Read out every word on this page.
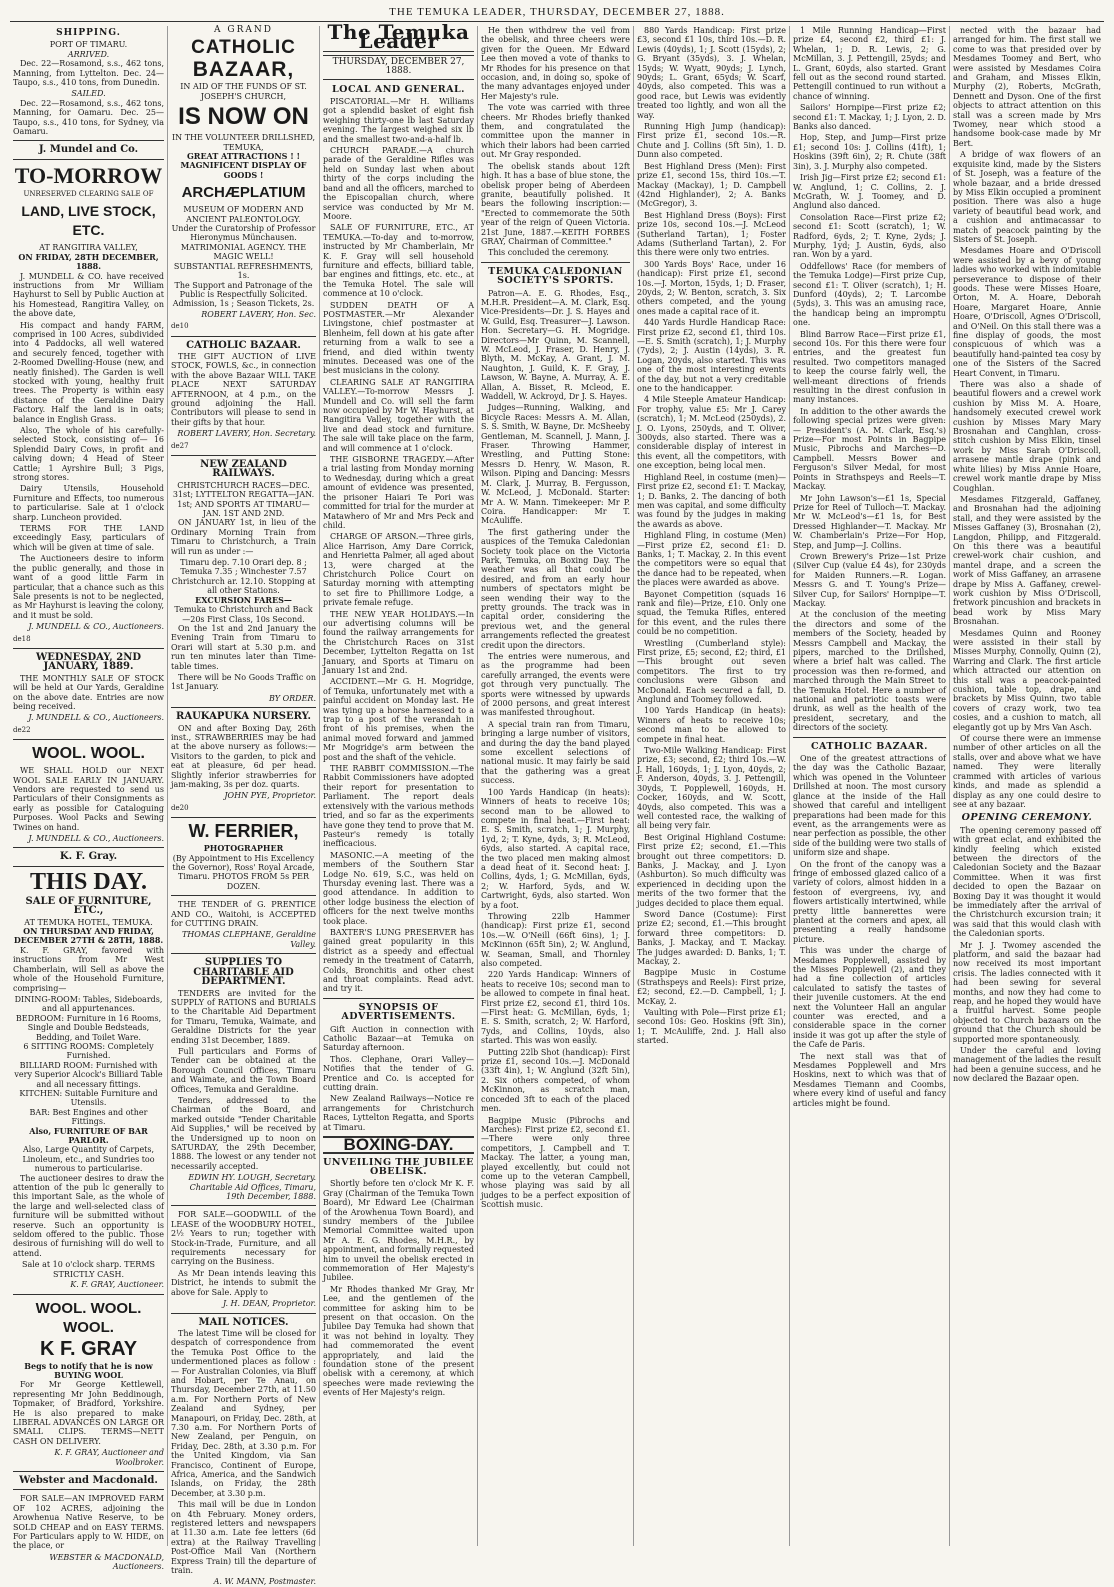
THE TEMUKA LEADER, THURSDAY, DECEMBER 27, 1888.
SHIPPING.
PORT OF TIMARU.
ARRIVED.

Dec. 22—Rosamond, s.s., 462 tons, Manning, from Lyttelton. Dec. 24—Taupo, s.s., 410 tons, from Dunedin.

SAILED.

Dec. 22—Rosamond, s.s., 462 tons, Manning, for Oamaru. Dec. 25—Taupo, s.s., 410 tons, for Sydney, via Oamaru.

J. Mundel and Co.
TO-MORROW
UNRESERVED CLEARING SALE OF
LAND, LIVE STOCK, ETC.
AT RANGITIRA VALLEY,
ON FRIDAY, 28TH DECEMBER, 1888.

J. MUNDELL & CO. have received instructions from Mr William Hayhurst to Sell by Public Auction at his Homestead, Rangitira Valley, on the above date,

His compact and handy FARM, comprised in 100 Acres, subdivided into 4 Paddocks, all well watered and securely fenced, together with 2-Roomed Dwelling-House (new, and neatly finished). The Garden is well stocked with young, healthy fruit trees. The Property is within easy distance of the Geraldine Dairy Factory. Half the land is in oats; balance in English Grass.

Also, The whole of his carefully-selected Stock, consisting of— 16 Splendid Dairy Cows, in profit and calving down; 4 Head of Steer Cattle; 1 Ayrshire Bull; 3 Pigs, strong stores.

Dairy Utensils, Household Furniture and Effects, too numerous to particularise. Sale at 1 o'clock sharp. Luncheon provided.

TERMS FOR THE LAND exceedingly Easy, particulars of which will be given at time of sale.

The Auctioneers desire to inform the public generally, and those in want of a good little Farm in particular, that a chance such as this Sale presents is not to be neglected, as Mr Hayhurst is leaving the colony, and it must be sold.

J. MUNDELL & CO., Auctioneers.
de18
WEDNESDAY, 2ND JANUARY, 1889.

THE MONTHLY SALE OF STOCK will be held at Our Yards, Geraldine on the above date. Entries are now being received.

J. MUNDELL & CO., Auctioneers.
de22
WOOL. WOOL.

WE SHALL HOLD our NEXT WOOL SALE EARLY IN JANUARY. Vendors are requested to send us Particulars of their Consignments as early as possible for Cataloguing Purposes. Wool Packs and Sewing Twines on hand.

J. MUNDELL & CO., Auctioneers.
K. F. Gray.
THIS DAY.
SALE OF FURNITURE, ETC.,
AT TEMUKA HOTEL, TEMUKA.
ON THURSDAY AND FRIDAY, DECEMBER 27TH & 28TH, 1888.

K. F. GRAY, favored with instructions from Mr West Chamberlain, will Sell as above the whole of the Household Furniture, comprising—

DINING-ROOM: Tables, Sideboards, and all appurtenances.
BEDROOM: Furniture in 16 Rooms, Single and Double Bedsteads, Bedding, and Toilet Ware.
6 SITTING ROOMS: Completely Furnished.
BILLIARD ROOM: Furnished with very Superior Alcock's Billiard Table and all necessary fittings.
KITCHEN: Suitable Furniture and Utensils.
BAR: Best Engines and other Fittings.
Also, FURNITURE OF BAR PARLOR.
Also, Large Quantity of Carpets, Linoleum, etc., and Sundries too numerous to particularise.

The auctioneer desires to draw the attention of the pub lc generally to this important Sale, as the whole of the large and well-selected class of furniture will be submitted without reserve. Such an opportunity is seldom offered to the public. Those desirous of furnishing will do well to attend.

Sale at 10 o'clock sharp. TERMS STRICTLY CASH.
K. F. GRAY, Auctioneer.
WOOL. WOOL. WOOL.
K F. GRAY
Begs to notify that he is now BUYING WOOL

For Mr George Kettlewell, representing Mr John Beddinough, Topmaker, of Bradford, Yorkshire. He is also prepared to make LIBERAL ADVANCES ON LARGE OR SMALL CLIPS. TERMS—NETT CASH ON DELIVERY.

K. F. GRAY, Auctioneer and Woolbroker.
Webster and Macdonald.

FOR SALE—AN IMPROVED FARM OF 102 ACRES, adjoining the Arowhenua Native Reserve, to be SOLD CHEAP and on EASY TERMS. For Particulars apply to W. HIDE, on the place, or

WEBSTER & MACDONALD, Auctioneers.
A GRAND
CATHOLIC
BAZAAR,
IN AID OF THE FUNDS OF ST. JOSEPH'S CHURCH,
IS NOW ON
IN THE VOLUNTEER DRILLSHED, TEMUKA,
GREAT ATTRACTIONS ! !
MAGNIFICENT DISPLAY OF GOODS !
ARCHÆPLATIUM
MUSEUM OF MODERN AND ANCIENT PALEONTOLOGY.
Under the Curatorship of Professor Hieronymus Münchausen.
MATRIMONIAL AGENCY. THE MAGIC WELL!
SUBSTANTIAL REFRESHMENTS, 1s.
The Support and Patronage of the Public is Respectfully Solicited.
Admission, 1s ; Season Tickets, 2s.
ROBERT LAVERY, Hon. Sec.
de10
CATHOLIC BAZAAR.

THE GIFT AUCTION of LIVE STOCK, FOWLS, &c., in connection with the above Bazaar WILL TAKE PLACE NEXT SATURDAY AFTERNOON, at 4 p.m., on the ground adjoining the Hall. Contributors will please to send in their gifts by that hour.

ROBERT LAVERY, Hon. Secretary.
de27
NEW ZEALAND RAILWAYS.
CHRISTCHURCH RACES—DEC. 31st; LYTTELTON REGATTA—JAN. 1st; AND SPORTS AT TIMARU—JAN. 1ST AND 2ND.

ON JANUARY 1st, in lieu of the Ordinary Morning Train from Timaru to Christchurch, a Train will run as under :—

Timaru dep. 7.10 Orari dep. 8 ; Temuka 7.35 ; Winchester 7.57 Christchurch ar. 12.10. Stopping at all other Stations.
EXCURSION FARES—
Temuka to Christchurch and Back—20s First Class, 10s Second.

On the 1st and 2nd January the Evening Train from Timaru to Orari will start at 5.30 p.m. and run ten minutes later than Time-table times.

There will be No Goods Traffic on 1st January.

BY ORDER.
RAUKAPUKA NURSERY.

ON and after Boxing Day, 26th inst., STRAWBERRIES may be had at the above nursery as follows:—Visitors to the garden, to pick and eat at pleasure, 6d per head. Slightly inferior strawberries for jam-making, 3s per doz. quarts.

JOHN PYE, Proprietor.
de20
W. FERRIER,
PHOTOGRAPHER
(By Appointment to His Excellency the Governor), Ross' Royal Arcade, Timaru. PHOTOS FROM 5s PER DOZEN.

THE TENDER of G. PRENTICE AND CO., Waitohi, is ACCEPTED for CUTTING DRAIN.

THOMAS CLEPHANE, Geraldine Valley.
SUPPLIES TO CHARITABLE AID DEPARTMENT.

TENDERS are invited for the SUPPLY of RATIONS and BURIALS to the Charitable Aid Department for Timaru, Temuka, Waimate, and Geraldine Districts for the year ending 31st December, 1889.

Full particulars and Forms of Tender can be obtained at the Borough Council Offices, Timaru and Waimate, and the Town Board Offices, Temuka and Geraldine.

Tenders, addressed to the Chairman of the Board, and marked outside "Tender Charitable Aid Supplies," will be received by the Undersigned up to noon on SATURDAY, the 29th December, 1888. The lowest or any tender not necessarily accepted.

EDWIN HY. LOUGH, Secretary. Charitable Aid Offices, Timaru, 19th December, 1888.

FOR SALE—GOODWILL of the LEASE of the WOODBURY HOTEL, 2½ Years to run; together with Stock-in-Trade, Furniture, and all requirements necessary for carrying on the Business.

As Mr Dean intends leaving this District, he intends to submit the above for Sale. Apply to

J. H. DEAN, Proprietor.
MAIL NOTICES.

The latest Time will be closed for despatch of correspondence from the Temuka Post Office to the undermentioned places as follow :— For Australian Colonies, via Bluff and Hobart, per Te Anau, on Thursday, December 27th, at 11.50 a.m. For Northern Ports of New Zealand and Sydney, per Manapouri, on Friday, Dec. 28th, at 7.30 a.m. For Northern Ports of New Zealand, per Penguin, on Friday, Dec. 28th, at 3.30 p.m. For the United Kingdom, via San Francisco, Continent of Europe, Africa, America, and the Sandwich Islands, on Friday, the 28th December, at 3.30 p.m.

This mail will be due in London on 4th February. Money orders, registered letters and newspapers at 11.30 a.m. Late fee letters (6d extra) at the Railway Travelling Post-Office Mail Van (Northern Express Train) till the departure of train.

A. W. MANN, Postmaster.
The Temuka Leader
THURSDAY, DECEMBER 27, 1888.
LOCAL AND GENERAL.

PISCATORIAL.—Mr H. Williams got a splendid basket of eight fish weighing thirty-one lb last Saturday evening. The largest weighed six lb and the smallest two-and-a-half lb.

CHURCH PARADE.—A church parade of the Geraldine Rifles was held on Sunday last when about thirty of the corps including the band and all the officers, marched to the Episcopalian church, where service was conducted by Mr M. Moore.

SALE OF FURNITURE, ETC., AT TEMUKA.—To-day and to-morrow, instructed by Mr Chamberlain, Mr K. F. Gray will sell household furniture and effects, billiard table, bar engines and fittings, etc. etc., at the Temuka Hotel. The sale will commence at 10 o'clock.

SUDDEN DEATH OF A POSTMASTER.—Mr Alexander Livingstone, chief postmaster at Blenheim, fell down at his gate after returning from a walk to see a friend, and died within twenty minutes. Deceased was one of the best musicians in the colony.

CLEARING SALE AT RANGITIRA VALLEY.—To-morrow Messrs J. Mundell and Co. will sell the farm now occupied by Mr W. Hayhurst, at Rangitira Valley, together with the live and dead stock and furniture. The sale will take place on the farm, and will commence at 1 o'clock.

THE GISBORNE TRAGEDY.—After a trial lasting from Monday morning to Wednesday, during which a great amount of evidence was presented, the prisoner Haiari Te Pori was committed for trial for the murder at Matawhero of Mr and Mrs Peck and child.

CHARGE OF ARSON.—Three girls, Alice Harrison, Amy Dare Corrick, and Henrietta Palmer, all aged about 13, were charged at the Christchurch Police Court on Saturday morning with attempting to set fire to Phillimore Lodge, a private female refuge.

THE NEW YEAR HOLIDAYS.—In our advertising columns will be found the railway arrangements for the Christchurch Races on 31st December, Lyttelton Regatta on 1st January, and Sports at Timaru on January 1st and 2nd.

ACCIDENT.—Mr G. H. Mogridge, of Temuka, unfortunately met with a painful accident on Monday last. He was tying up a horse harnessed to a trap to a post of the verandah in front of his premises, when the animal moved forward and jammed Mr Mogridge's arm between the post and the shaft of the vehicle.

THE RABBIT COMMISSION.—The Rabbit Commissioners have adopted their report for presentation to Parliament. The report deals extensively with the various methods tried, and so far as the experiments have gone they tend to prove that M. Pasteur's remedy is totally inefficacious.

MASONIC.—A meeting of the members of the Southern Star Lodge No. 619, S.C., was held on Thursday evening last. There was a good attendance. In addition to other lodge business the election of officers for the next twelve months took place.

BAXTER'S LUNG PRESERVER has gained great popularity in this district as a speedy and effectual remedy in the treatment of Catarrh, Colds, Bronchitis and other chest and throat complaints. Read advt. and try it.

SYNOPSIS OF ADVERTISEMENTS.

Gift Auction in connection with Catholic Bazaar—at Temuka on Saturday afternoon.

Thos. Clephane, Orari Valley—Notifies that the tender of G. Prentice and Co. is accepted for cutting drain.

New Zealand Railways—Notice re arrangements for Christchurch Races, Lyttelton Regatta, and Sports at Timaru.

BOXING-DAY.
UNVEILING THE JUBILEE OBELISK.

Shortly before ten o'clock Mr K. F. Gray (Chairman of the Temuka Town Board), Mr Edward Lee (Chairman of the Arowhenua Town Board), and sundry members of the Jubilee Memorial Committee waited upon Mr A. E. G. Rhodes, M.H.R., by appointment, and formally requested him to unveil the obelisk erected in commemoration of Her Majesty's Jubilee.

Mr Rhodes thanked Mr Gray, Mr Lee, and the gentlemen of the committee for asking him to be present on that occasion. On the Jubilee Day Temuka had shown that it was not behind in loyalty. They had commemorated the event appropriately, and laid the foundation stone of the present obelisk with a ceremony, at which speeches were made reviewing the events of Her Majesty's reign.

He then withdrew the veil from the obelisk, and three cheers were given for the Queen. Mr Edward Lee then moved a vote of thanks to Mr Rhodes for his presence on that occasion, and, in doing so, spoke of the many advantages enjoyed under Her Majesty's rule.

The vote was carried with three cheers. Mr Rhodes briefly thanked them, and congratulated the committee upon the manner in which their labors had been carried out. Mr Gray responded.

The obelisk stands about 12ft high. It has a base of blue stone, the obelisk proper being of Aberdeen granite, beautifully polished. It bears the following inscription:— "Erected to commemorate the 50th year of the reign of Queen Victoria. 21st June, 1887.—KEITH FORBES GRAY, Chairman of Committee."

This concluded the ceremony.

TEMUKA CALEDONIAN SOCIETY'S SPORTS.

Patron—A. E. G. Rhodes, Esq., M.H.R. President—A. M. Clark, Esq. Vice-Presidents—Dr. J. S. Hayes and W. Guild, Esq. Treasurer—J. Lawson. Hon. Secretary—G. H. Mogridge. Directors—Mr Quinn, M. Scannell, W. McLeod, J. Fraser, D. Henry, J. Blyth, M. McKay, A. Grant, J. M. Naughton, J. Guild, K. F. Gray, J. Lawson, W. Bayne, A. Murray, A. E. Allan, A. Bisset, R. Mcleod, E. Waddell, W. Ackroyd, Dr J. S. Hayes.

Judges—Running, Walking, and Bicycle Races: Messrs A. M. Allan, S. S. Smith, W. Bayne, Dr. McSheeby Gentleman, M. Scannell, J. Mann, J. Fraser. Throwing Hammer, Wrestling, and Putting Stone: Messrs D. Henry, W. Mason, R. Wilson. Piping and Dancing: Messrs M. Clark, J. Murray, B. Fergusson, W. McLeod, J. McDonald. Starter: Mr A. W. Mann. Timekeeper: Mr P. Coira. Handicapper: Mr T. McAuliffe.

The first gathering under the auspices of the Temuka Caledonian Society took place on the Victoria Park, Temuka, on Boxing Day. The weather was all that could be desired, and from an early hour numbers of spectators might be seen wending their way to the pretty grounds. The track was in capital order, considering the previous wet, and the general arrangements reflected the greatest credit upon the directors.

The entries were numerous, and as the programme had been carefully arranged, the events were got through very punctually. The sports were witnessed by upwards of 2000 persons, and great interest was manifested throughout.

A special train ran from Timaru, bringing a large number of visitors, and during the day the band played some excellent selections of national music. It may fairly be said that the gathering was a great success.

100 Yards Handicap (in heats): Winners of heats to receive 10s; second man to be allowed to compete in final heat.—First heat: E. S. Smith, scratch, 1; J. Murphy, 1yd, 2; T. Kyne, 4yds, 3; R. McLeod, 6yds, also started. A capital race, the two placed men making almost a dead heat of it. Second heat: J. Collins, 4yds, 1; G. McMillan, 6yds, 2; W. Harford, 5yds, and W. Cartwright, 6yds, also started. Won by a foot.

Throwing 22lb Hammer (handicap): First prize £1, second 10s.—W. O'Neill (66ft 6ins), 1; J. McKinnon (65ft 5in), 2; W. Anglund, W. Seaman, Small, and Thornley also competed.

220 Yards Handicap: Winners of heats to receive 10s; second man to be allowed to compete in final heat. First prize £2, second £1, third 10s.—First heat: G. McMillan, 6yds, 1; E. S. Smith, scratch, 2; W. Harford, 7yds, and Collins, 10yds, also started. This was won easily.

Putting 22lb Shot (handicap): First prize £1, second 10s.—J. McDonald (33ft 4in), 1; W. Anglund (32ft 5in), 2. Six others competed, of whom McKinnon, as scratch man, conceded 3ft to each of the placed men.

Bagpipe Music (Pibrochs and Marches): First prize £2, second £1.—There were only three competitors, J. Campbell and T. Mackay. The latter, a young man, played excellently, but could not come up to the veteran Campbell, whose playing was said by all judges to be a perfect exposition of Scottish music.

880 Yards Handicap: First prize £3, second £1 10s, third 10s.—D. R. Lewis (40yds), 1; J. Scott (15yds), 2; G. Bryant (35yds), 3. J. Whelan, 15yds; W. Wyatt, 90yds; J. Lynch, 90yds; L. Grant, 65yds; W. Scarf, 40yds, also competed. This was a good race, but Lewis was evidently treated too lightly, and won all the way.

Running High Jump (handicap): First prize £1, second 10s.—R. Chute and J. Collins (5ft 5in), 1. D. Dunn also competed.

Best Highland Dress (Men): First prize £1, second 15s, third 10s.—T. Mackay (Mackay), 1; D. Campbell (42nd Highlander), 2; A. Banks (McGregor), 3.

Best Highland Dress (Boys): First prize 10s, second 10s.—J. McLeod (Sutherland Tartan), 1; Foster Adams (Sutherland Tartan), 2. For this there were only two entries.

300 Yards Boys' Race, under 16 (handicap): First prize £1, second 10s.—J. Morton, 15yds, 1; D. Fraser, 20yds, 2; W. Benton, scratch, 3. Six others competed, and the young ones made a capital race of it.

440 Yards Hurdle Handicap Race: First prize £2, second £1, third 10s.—E. S. Smith (scratch), 1; J. Murphy (7yds), 2; J. Austin (14yds), 3. R. Logan, 20yds, also started. This was one of the most interesting events of the day, but not a very creditable one to the handicapper.

4 Mile Steeple Amateur Handicap: For trophy, value £5: Mr J. Carey (scratch), 1; M. McLeod (250yds), 2. J. O. Lyons, 250yds, and T. Oliver, 300yds, also started. There was a considerable display of interest in this event, all the competitors, with one exception, being local men.

Highland Reel, in costume (men)—First prize £2, second £1: T. Mackay, 1; D. Banks, 2. The dancing of both men was capital, and some difficulty was found by the judges in making the awards as above.

Highland Fling, in costume (Men)—First prize £2, second £1: D. Banks, 1; T. Mackay, 2. In this event the competitors were so equal that the dance had to be repeated, when the places were awarded as above.

Bayonet Competition (squads 16 rank and file)—Prize, £10. Only one squad, the Temuka Rifles, entered for this event, and the rules there could be no competition.

Wrestling (Cumberland style): First prize, £5; second, £2; third, £1—This brought out seven competitors. The first to try conclusions were Gibson and McDonald. Each secured a fall, D. Anglund and Toomey followed.

100 Yards Handicap (in heats): Winners of heats to receive 10s; second man to be allowed to compete in final heat.

Two-Mile Walking Handicap: First prize, £3; second, £2; third 10s.—W. J. Hall, 160yds, 1; J. Lyon, 40yds, 2; F. Anderson, 40yds, 3. J. Pettengill, 30yds, T. Popplewell, 160yds, H. Cocker, 160yds, and W. Scott, 40yds, also competed. This was a well contested race, the walking of all being very fair.

Best Original Highland Costume: First prize £2; second, £1.—This brought out three competitors: D. Banks, J. Mackay, and J. Lyon (Ashburton). So much difficulty was experienced in deciding upon the merits of the two former that the judges decided to place them equal.

Sword Dance (Costume): First prize £2; second, £1.—This brought forward three competitors: D. Banks, J. Mackay, and T. Mackay. The judges awarded: D. Banks, 1; T. Mackay, 2.

Bagpipe Music in Costume (Strathspeys and Reels): First prize, £2; second, £2.—D. Campbell, 1; J. McKay, 2.

Vaulting with Pole—First prize £1; second 10s: Geo. Hoskins (9ft 3in), 1; T. McAuliffe, 2nd. J. Hall also started.

1 Mile Running Handicap—First prize £4, second £2, third £1: J. Whelan, 1; D. R. Lewis, 2; G. McMillan, 3. J. Pettengill, 25yds; and L. Grant, 60yds, also started. Grant fell out as the second round started. Pettengill continued to run without a chance of winning.

Sailors' Hornpipe—First prize £2; second £1: T. Mackay, 1; J. Lyon, 2. D. Banks also danced.

Hop, Step, and Jump—First prize £1; second 10s: J. Collins (41ft), 1; Hoskins (39ft 6in), 2; R. Chute (38ft 3in), 3. J. Murphy also competed.

Irish Jig—First prize £2; second £1: W. Anglund, 1; C. Collins, 2. J. McGrath, W. J. Toomey, and D. Anglund also danced.

Consolation Race—First prize £2; second £1: Scott (scratch), 1; W. Radford, 6yds, 2; T. Kyne, 2yds; J. Murphy, 1yd; J. Austin, 6yds, also ran. Won by a yard.

Oddfellows' Race (for members of the Temuka Lodge)—First prize Cup, second £1: T. Oliver (scratch), 1; H. Dunford (40yds), 2; T. Larcombe (5yds), 3. This was an amusing race, the handicap being an impromptu one.

Blind Barrow Race—First prize £1, second 10s. For this there were four entries, and the greatest fun resulted. Two competitors managed to keep the course fairly well, the well-meant directions of friends resulting in the direst confusion in many instances.

In addition to the other awards the following special prizes were given:— President's (A. M. Clark, Esq.'s) Prize—For most Points in Bagpipe Music, Pibrochs and Marches—D. Campbell. Messrs Bower and Ferguson's Silver Medal, for most Points in Strathspeys and Reels—T. Mackay.

Mr John Lawson's—£1 1s, Special Prize for Reel of Tulloch—T. Mackay. Mr W. McLeod's—£1 1s, for Best Dressed Highlander—T. Mackay. Mr W. Chamberlain's Prize—For Hop, Step, and Jump—J. Collins.

Crown Brewery's Prize—1st Prize (Silver Cup (value £4 4s), for 230yds for Maiden Runners.—R. Logan. Messrs G. and T. Young's Prize—Silver Cup, for Sailors' Hornpipe—T. Mackay.

At the conclusion of the meeting the directors and some of the members of the Society, headed by Messrs Campbell and Mackay, the pipers, marched to the Drillshed, where a brief halt was called. The procession was then re-formed, and marched through the Main Street to the Temuka Hotel. Here a number of national and patriotic toasts were drunk, as well as the health of the president, secretary, and the directors of the society.

CATHOLIC BAZAAR.

One of the greatest attractions of the day was the Catholic Bazaar, which was opened in the Volunteer Drillshed at noon. The most cursory glance at the inside of the Hall showed that careful and intelligent preparations had been made for this event, as the arrangements were as near perfection as possible, the other side of the building were two stalls of uniform size and shape.

On the front of the canopy was a fringe of embossed glazed calico of a variety of colors, almost hidden in a festoon of evergreens, ivy, and flowers artistically intertwined, while pretty little bannerettes were planted at the corners and apex, all presenting a really handsome picture.

This was under the charge of Mesdames Popplewell, assisted by the Misses Popplewell (2), and they had a fine collection of articles calculated to satisfy the tastes of their juvenile customers. At the end next the Volunteer Hall an angular counter was erected, and a considerable space in the corner inside it was got up after the style of the Cafe de Paris.

The next stall was that of Mesdames Popplewell and Mrs Hoskins, next to which was that of Mesdames Tiemann and Coombs, where every kind of useful and fancy articles might be found.

nected with the bazaar had arranged for him. The first stall we come to was that presided over by Mesdames Toomey and Bert, who were assisted by Mesdames Coira and Graham, and Misses Elkin, Murphy (2), Roberts, McGrath, Dennett and Dyson. One of the first objects to attract attention on this stall was a screen made by Mrs Twomey, near which stood a handsome book-case made by Mr Bert.

A bridge of wax flowers of an exquisite kind, made by the Sisters of St. Joseph, was a feature of the whole bazaar, and a bride dressed by Miss Elkin occupied a prominent position. There was also a huge variety of beautiful bead work, and a cushion and antimacassar to match of peacock painting by the Sisters of St. Joseph.

Mesdames Hoare and O'Driscoll were assisted by a bevy of young ladies who worked with indomitable perseverance to dispose of their goods. These were Misses Hoare, Orton, M. A. Hoare, Deborah Hoare, Margaret Hoare, Annie Hoare, O'Driscoll, Agnes O'Driscoll, and O'Neil. On this stall there was a fine display of goods, the most conspicuous of which was a beautifully hand-painted tea cosy by one of the Sisters of the Sacred Heart Convent, in Timaru.

There was also a shade of beautiful flowers and a crewel work cushion by Miss M. A. Hoare, handsomely executed crewel work cushion by Misses Mary Mary Brosnahan and Canghlan, cross-stitch cushion by Miss Elkin, tinsel work by Miss Sarah O'Driscoll, arrasene mantle drape (pink and white lilies) by Miss Annie Hoare, crewel work mantle drape by Miss Coughlan.

Mesdames Fitzgerald, Gaffaney, and Brosnahan had the adjoining stall, and they were assisted by the Misses Gaffaney (3), Brosnahan (2), Langdon, Philipp, and Fitzgerald. On this there was a beautiful crewel-work chair cushion, and mantel drape, and a screen the work of Miss Gaffaney, an arrasene drape by Miss A. Gaffaney, crewel-work cushion by Miss O'Driscoll, fretwork pincushion and brackets in bead work by Miss Mary Brosnahan.

Mesdames Quinn and Rooney were assisted in their stall by Misses Murphy, Connolly, Quinn (2), Warring and Clark. The first article which attracted our attention on this stall was a peacock-painted cushion, table top, drape, and brackets by Miss Quinn, two table covers of crazy work, two tea cosies, and a cushion to match, all elegantly got up by Mrs Van Asch.

Of course there were an immense number of other articles on all the stalls, over and above what we have named. They were literally crammed with articles of various kinds, and made as splendid a display as any one could desire to see at any bazaar.

OPENING CEREMONY.

The opening ceremony passed off with great eclat, and exhibited the kindly feeling which existed between the directors of the Caledonian Society and the Bazaar Committee. When it was first decided to open the Bazaar on Boxing Day it was thought it would be immediately after the arrival of the Christchurch excursion train; it was said that this would clash with the Caledonian sports.

Mr J. J. Twomey ascended the platform, and said the bazaar had now received its most important crisis. The ladies connected with it had been sewing for several months, and now they had come to reap, and he hoped they would have a fruitful harvest. Some people objected to Church bazaars on the ground that the Church should be supported more spontaneously.

Under the careful and loving management of the ladies the result had been a genuine success, and he now declared the Bazaar open.
